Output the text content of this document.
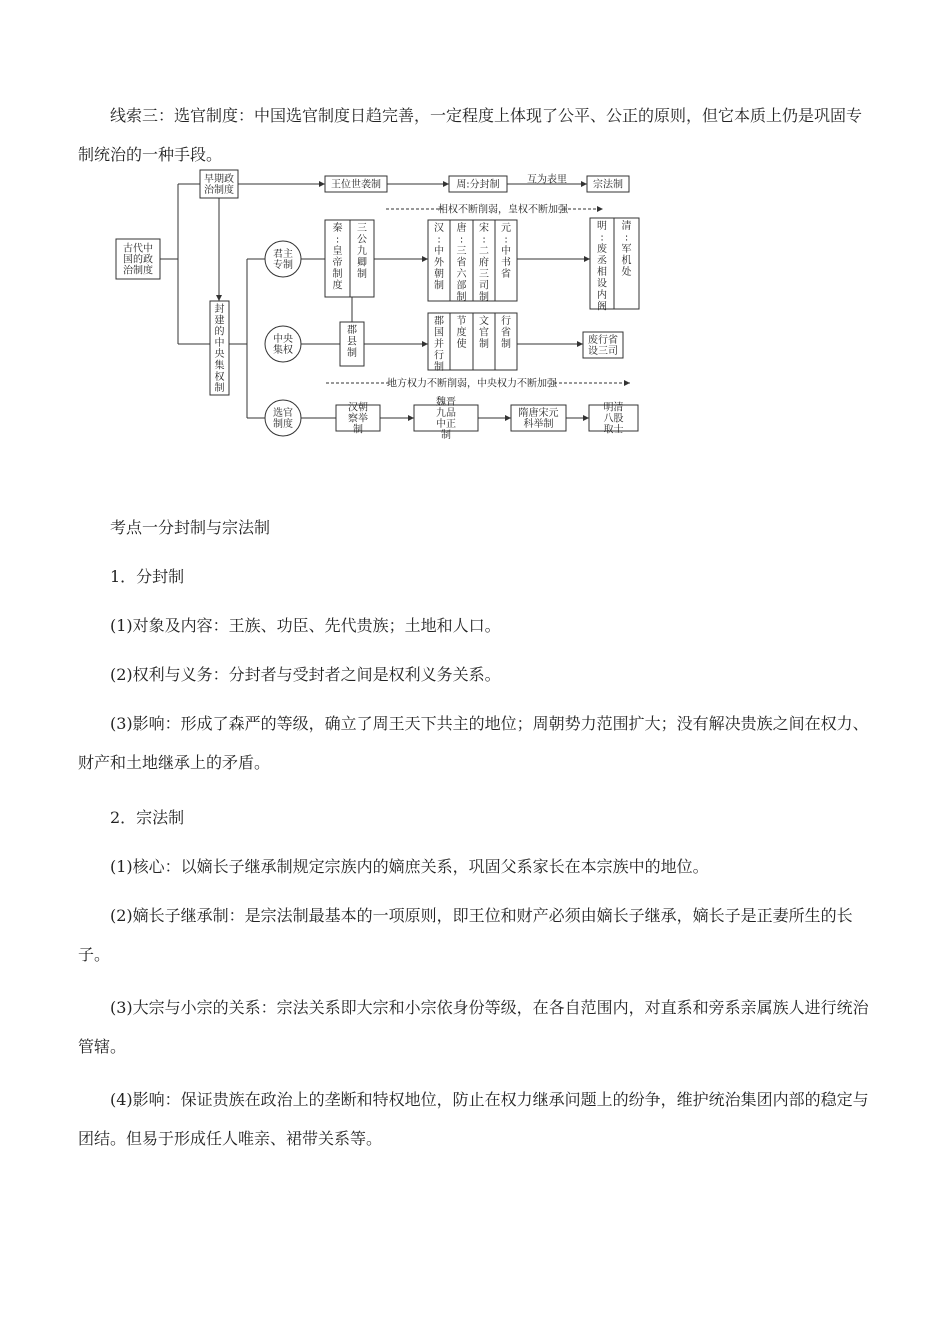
线索三：选官制度：中国选官制度日趋完善，一定程度上体现了公平、公正的原则，但它本质上仍是巩固专制统治的一种手段。

古代中国的政治制度
早期政治制度	王位世袭制	周:分封制	互为表里	宗法制
相权不断削弱，皇权不断加强
地方权力不断削弱，中央权力不断加强
封建的中央集权制
君主专制
中央集权
选官制度
秦:皇帝制度
三公九卿制
郡县制
汉:中外朝制
唐:三省六部制
宋:二府三司制
元:中书省
明:废丞相设内阁
清:军机处
郡国并行制
节度使
文官制
行省制	废行省设三司
汉朝察举制
魏晋九品中正制
隋唐宋元科举制
明清八股取士

考点一分封制与宗法制

1．分封制

(1)对象及内容：王族、功臣、先代贵族；土地和人口。

(2)权利与义务：分封者与受封者之间是权利义务关系。

(3)影响：形成了森严的等级，确立了周王天下共主的地位；周朝势力范围扩大；没有解决贵族之间在权力、财产和土地继承上的矛盾。

2．宗法制

(1)核心：以嫡长子继承制规定宗族内的嫡庶关系，巩固父系家长在本宗族中的地位。

(2)嫡长子继承制：是宗法制最基本的一项原则，即王位和财产必须由嫡长子继承，嫡长子是正妻所生的长子。

(3)大宗与小宗的关系：宗法关系即大宗和小宗依身份等级，在各自范围内，对直系和旁系亲属族人进行统治管辖。

(4)影响：保证贵族在政治上的垄断和特权地位，防止在权力继承问题上的纷争，维护统治集团内部的稳定与团结。但易于形成任人唯亲、裙带关系等。
